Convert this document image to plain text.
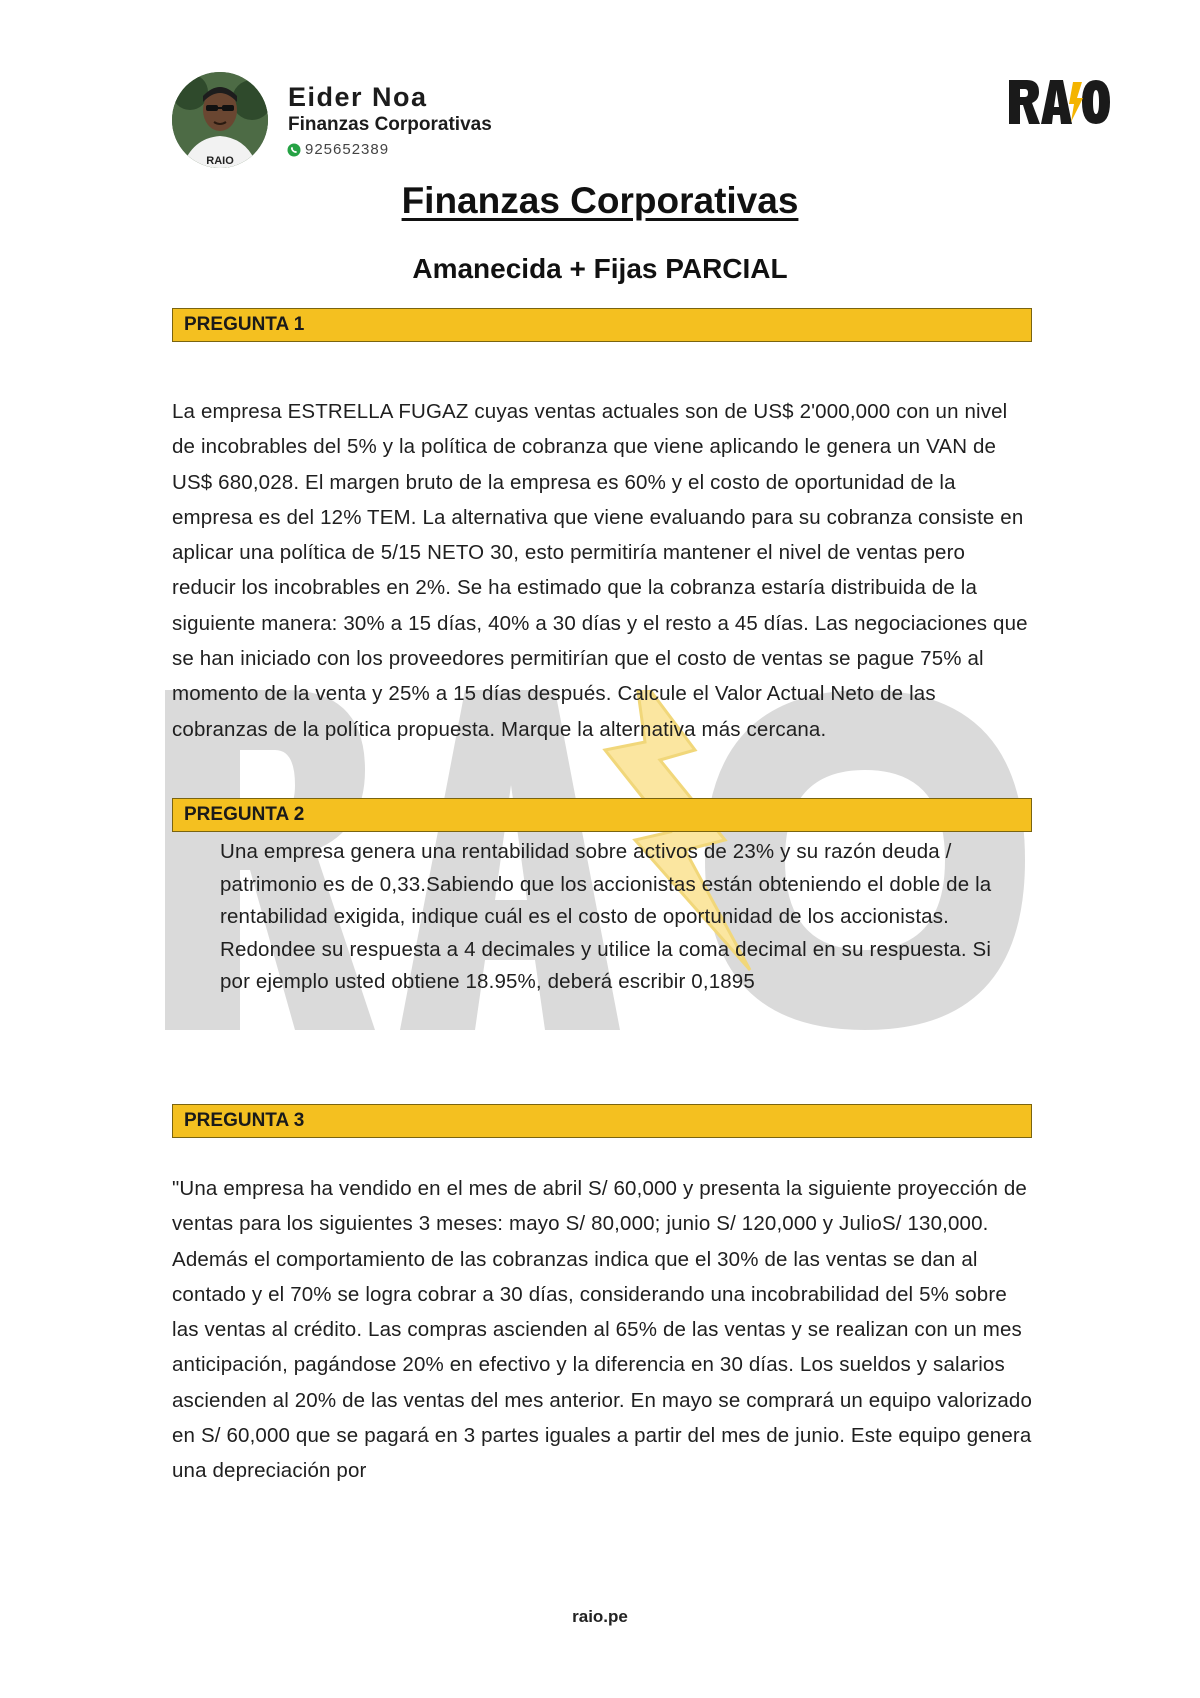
RAIO
Eider Noa
Finanzas Corporativas
925652389
Finanzas Corporativas
Amanecida + Fijas PARCIAL
PREGUNTA 1
La empresa ESTRELLA FUGAZ cuyas ventas actuales son de US$ 2'000,000 con un nivel de incobrables del 5% y la política de cobranza que viene aplicando le genera un VAN de US$ 680,028. El margen bruto de la empresa es 60% y el costo de oportunidad de la empresa es del 12% TEM. La alternativa que viene evaluando para su cobranza consiste en aplicar una política de 5/15 NETO 30, esto permitiría mantener el nivel de ventas pero reducir los incobrables en 2%. Se ha estimado que la cobranza estaría distribuida de la siguiente manera: 30% a 15 días, 40% a 30 días y el resto a 45 días. Las negociaciones que se han iniciado con los proveedores permitirían que el costo de ventas se pague 75% al momento de la venta y 25% a 15 días después. Calcule el Valor Actual Neto de las cobranzas de la política propuesta. Marque la alternativa más cercana.
PREGUNTA 2
Una empresa genera una rentabilidad sobre activos de 23% y su razón deuda / patrimonio es de 0,33.Sabiendo que los accionistas están obteniendo el doble de la rentabilidad exigida, indique cuál es el costo de oportunidad de los accionistas. Redondee su respuesta a 4 decimales y utilice la coma decimal en su respuesta. Si por ejemplo usted obtiene 18.95%, deberá escribir 0,1895
PREGUNTA 3
"Una empresa ha vendido en el mes de abril S/ 60,000 y presenta la siguiente proyección de ventas para los siguientes 3 meses: mayo S/ 80,000; junio S/ 120,000 y JulioS/ 130,000. Además el comportamiento de las cobranzas indica que el 30% de las ventas se dan al contado y el 70% se logra cobrar a 30 días, considerando una incobrabilidad del 5% sobre las ventas al crédito. Las compras ascienden al 65% de las ventas y se realizan con un mes anticipación, pagándose 20% en efectivo y la diferencia en 30 días. Los sueldos y salarios ascienden al 20% de las ventas del mes anterior. En mayo se comprará un equipo valorizado en S/ 60,000 que se pagará en 3 partes iguales a partir del mes de junio. Este equipo genera una depreciación por
raio.pe
